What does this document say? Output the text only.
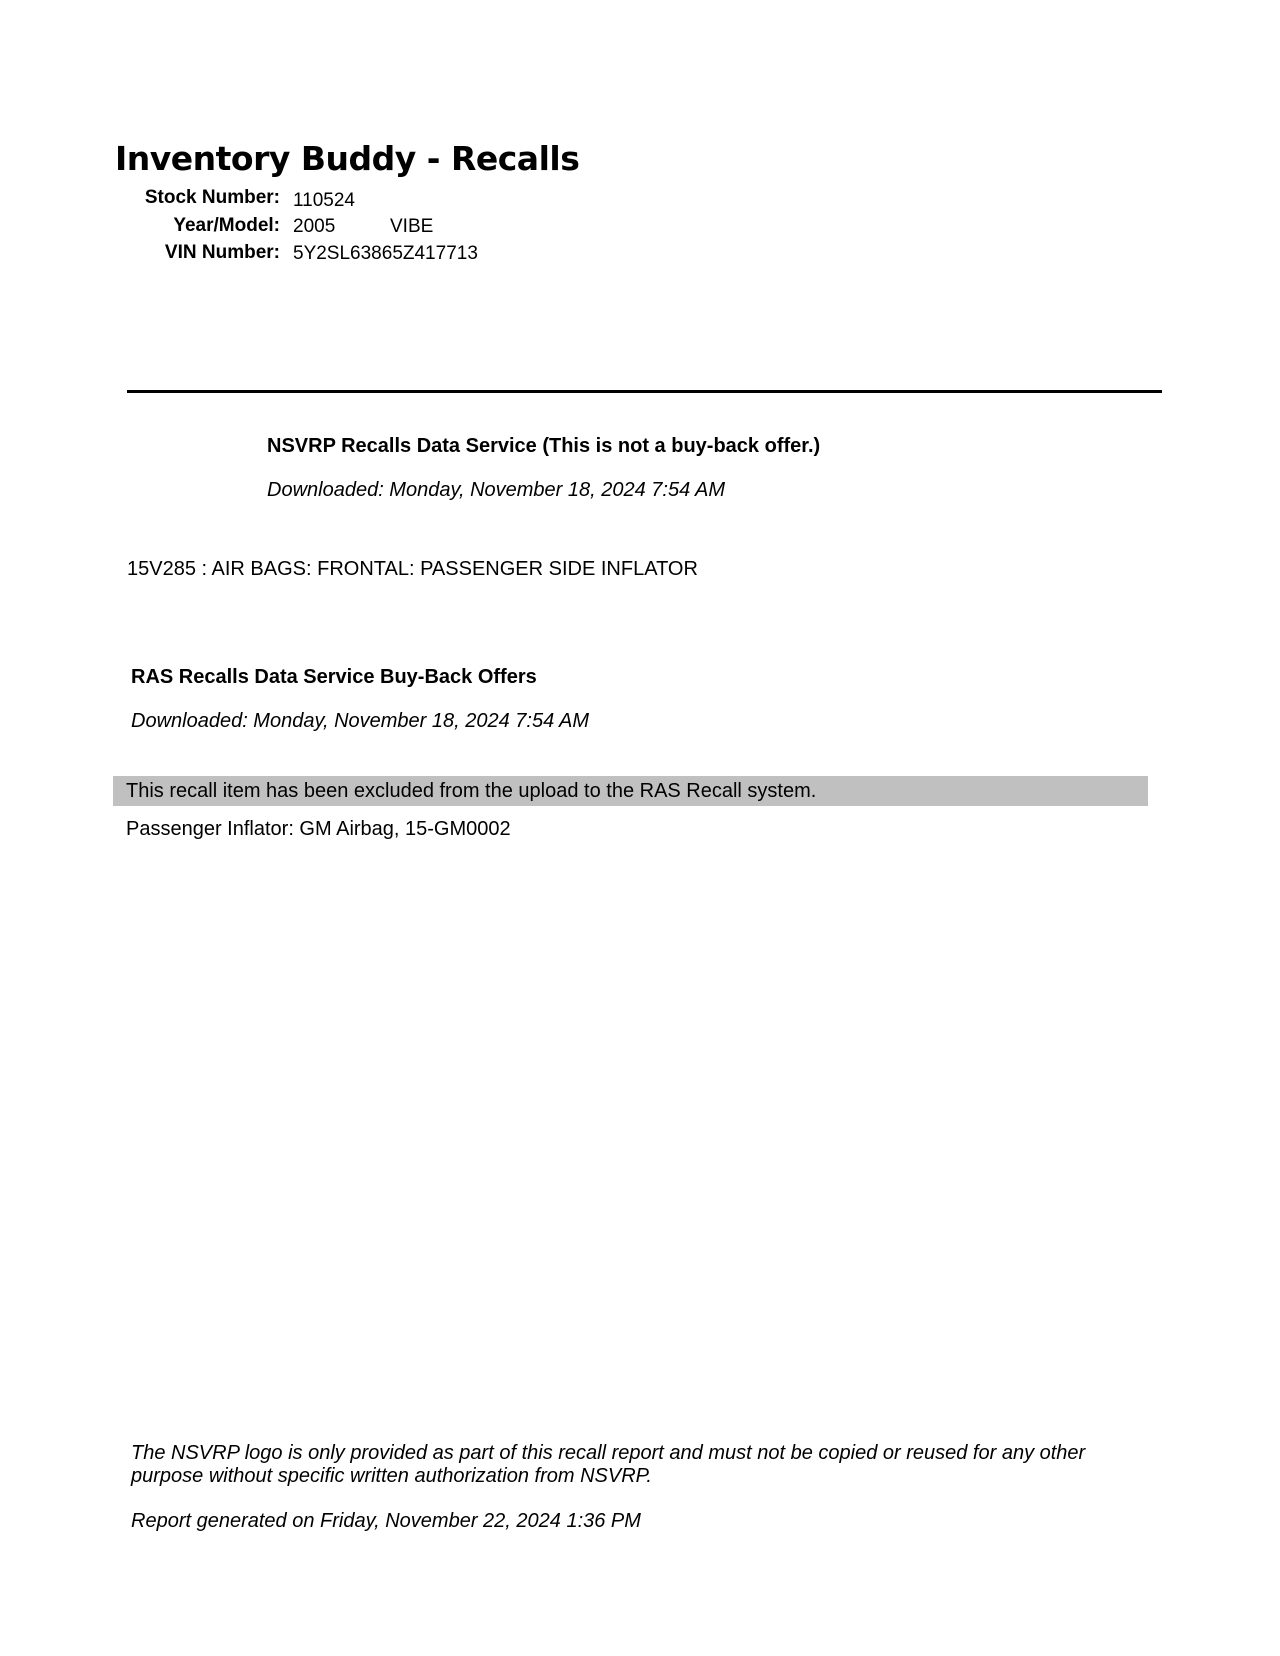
Inventory Buddy - Recalls
Stock Number: 110524
Year/Model: 2005	VIBE
VIN Number: 5Y2SL63865Z417713
NSVRP Recalls Data Service (This is not a buy-back offer.)
Downloaded: Monday, November 18, 2024 7:54 AM
15V285 : AIR BAGS: FRONTAL: PASSENGER SIDE INFLATOR
RAS Recalls Data Service Buy-Back Offers
Downloaded: Monday, November 18, 2024 7:54 AM
This recall item has been excluded from the upload to the RAS Recall system.
Passenger Inflator: GM Airbag, 15-GM0002
The NSVRP logo is only provided as part of this recall report and must not be copied or reused for any other purpose without specific written authorization from NSVRP.
Report generated on Friday, November 22, 2024 1:36 PM
